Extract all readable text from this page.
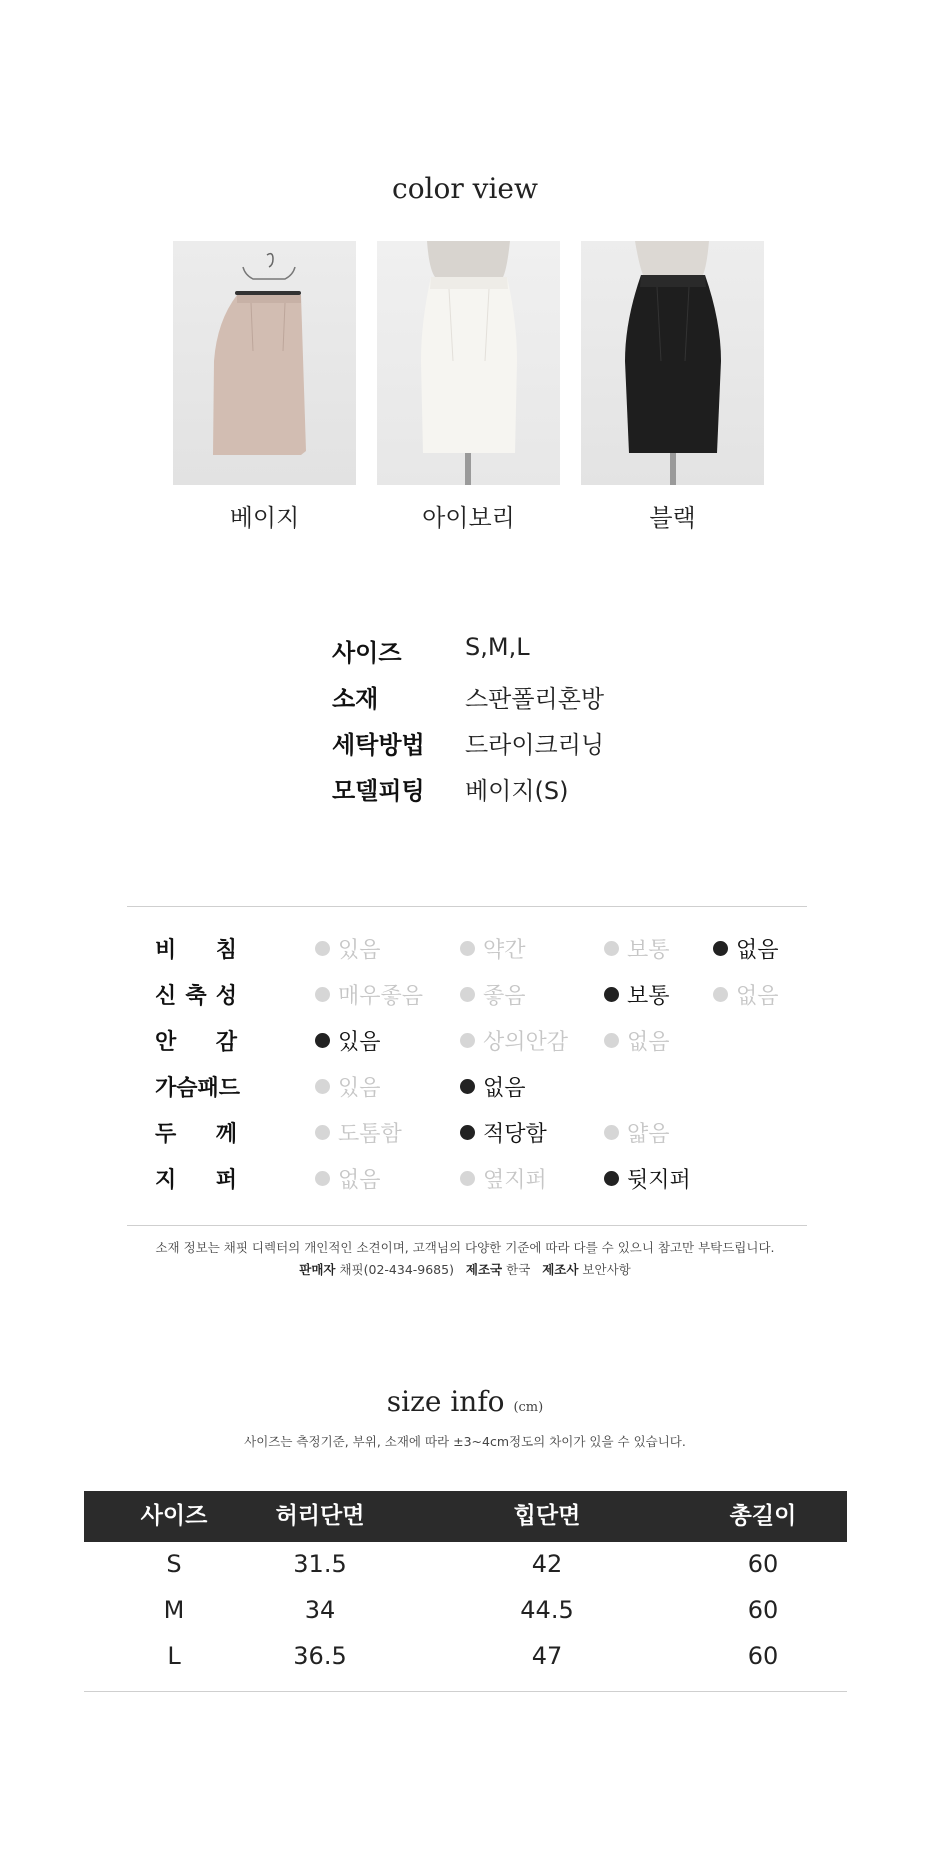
color view
베이지	아이보리	블랙
사이즈	S,M,L
소재	스판폴리혼방
세탁방법 드라이크리닝
모델피팅 베이지(S)
비 침	있음	약간	보통	없음
신 축 성	매우좋음	좋음	보통	없음
안 감	있음	상의안감	없음
가 슴 패 드	있음	없음
두 께	도톰함	적당함	얇음
지 퍼	없음	옆지퍼	뒷지퍼
소재 정보는 채핏 디렉터의 개인적인 소견이며, 고객님의 다양한 기준에 따라 다를 수 있으니 참고만 부탁드립니다.
판매자 채핏(02-434-9685) 제조국 한국 제조사 보안사항
size info (cm)
사이즈는 측정기준, 부위, 소재에 따라 ±3~4cm정도의 차이가 있을 수 있습니다.
사이즈	허리단면	힙단면	총길이
S	31.5	42	60
M	34	44.5	60
L	36.5	47	60
